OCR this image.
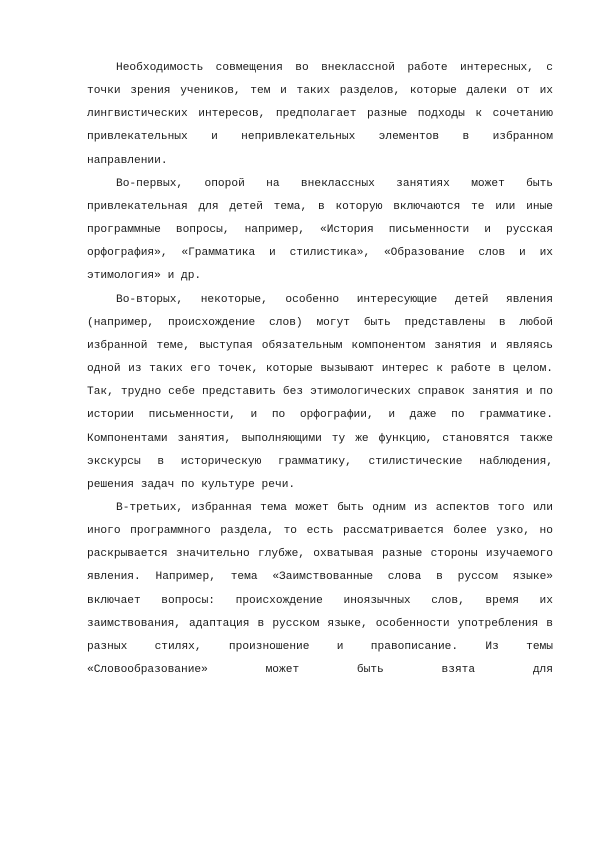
Необходимость совмещения во внеклассной работе интересных, с точки зрения учеников, тем и таких разделов, которые далеки от их лингвистических интересов, предполагает разные подходы к сочетанию привлекательных и непривлекательных элементов в избранном направлении.

Во-первых, опорой на внеклассных занятиях может быть привлекательная для детей тема, в которую включаются те или иные программные вопросы, например, «История письменности и русская орфография», «Грамматика и стилистика», «Образование слов и их этимология» и др.

Во-вторых, некоторые, особенно интересующие детей явления (например, происхождение слов) могут быть представлены в любой избранной теме, выступая обязательным компонентом занятия и являясь одной из таких его точек, которые вызывают интерес к работе в целом. Так, трудно себе представить без этимологических справок занятия и по истории письменности, и по орфографии, и даже по грамматике. Компонентами занятия, выполняющими ту же функцию, становятся также экскурсы в историческую грамматику, стилистические наблюдения, решения задач по культуре речи.

В-третьих, избранная тема может быть одним из аспектов того или иного программного раздела, то есть рассматривается более узко, но раскрывается значительно глубже, охватывая разные стороны изучаемого явления. Например, тема «Заимствованные слова в руссом языке» включает вопросы: происхождение иноязычных слов, время их заимствования, адаптация в русском языке, особенности употребления в разных стилях, произношение и правописание. Из темы «Словообразование» может быть взята для
